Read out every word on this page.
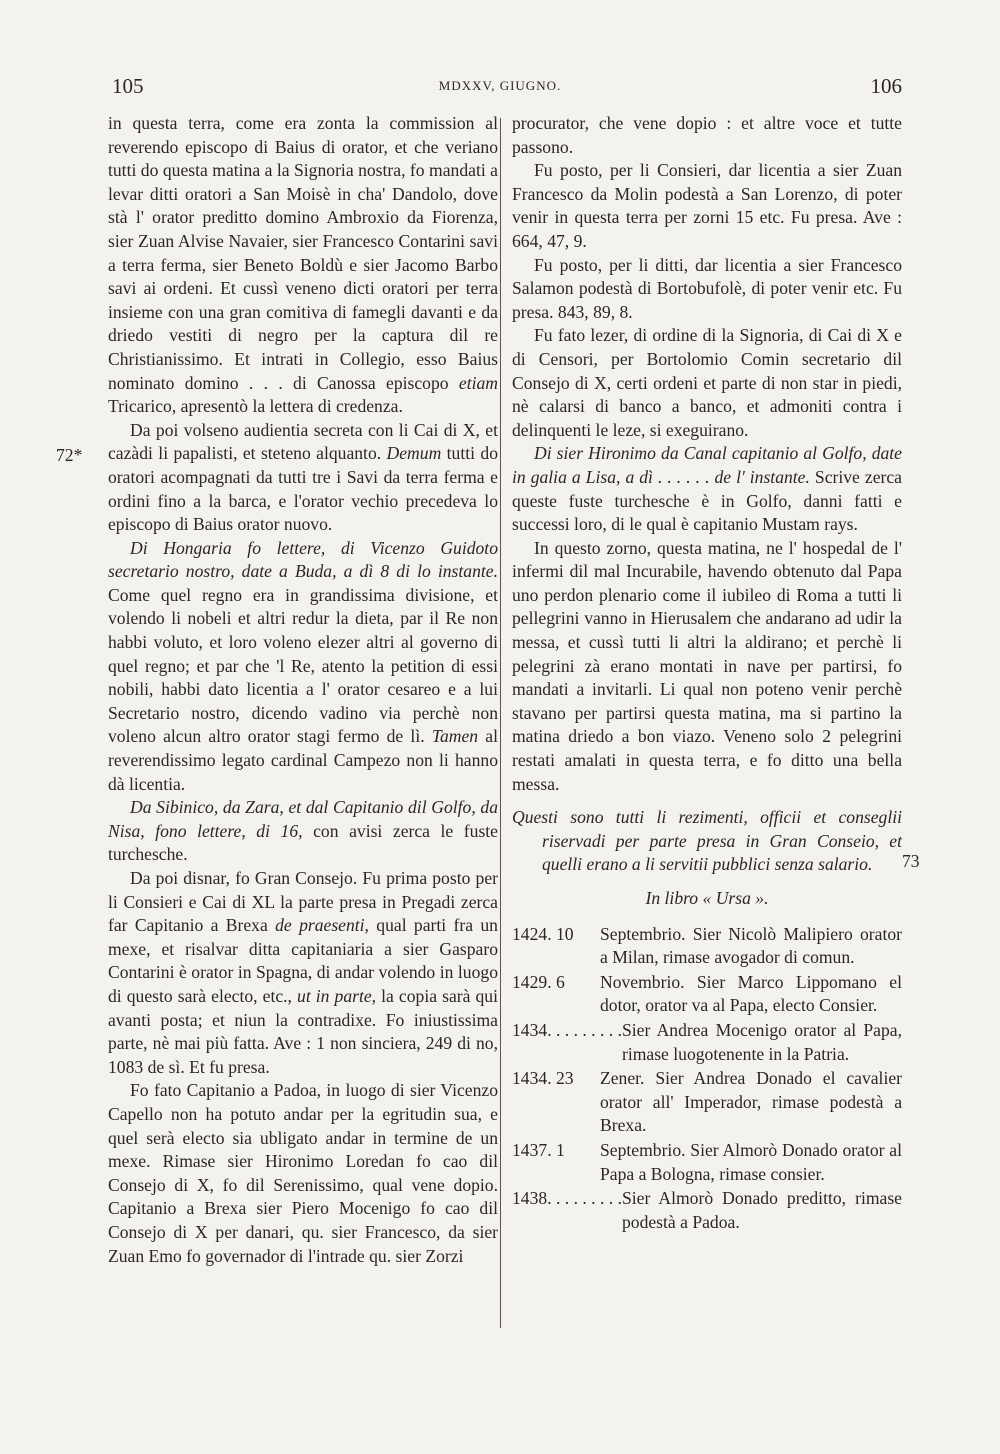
105	MDXXV, GIUGNO.	106
72*
73

in questa terra, come era zonta la commission al reverendo episcopo di Baius di orator, et che veriano tutti do questa matina a la Signoria nostra, fo mandati a levar ditti oratori a San Moisè in cha' Dandolo, dove stà l' orator preditto domino Ambroxio da Fiorenza, sier Zuan Alvise Navaier, sier Francesco Contarini savi a terra ferma, sier Beneto Boldù e sier Jacomo Barbo savi ai ordeni. Et cussì veneno dicti oratori per terra insieme con una gran comitiva di famegli davanti e da driedo vestiti di negro per la captura dil re Christianissimo. Et intrati in Collegio, esso Baius nominato domino . . . di Canossa episcopo etiam Tricarico, apresentò la lettera di credenza.

Da poi volseno audientia secreta con li Cai di X, et cazàdi li papalisti, et steteno alquanto. Demum tutti do oratori acompagnati da tutti tre i Savi da terra ferma e ordini fino a la barca, e l'orator vechio precedeva lo episcopo di Baius orator nuovo.

Di Hongaria fo lettere, di Vicenzo Guidoto secretario nostro, date a Buda, a dì 8 di lo instante. Come quel regno era in grandissima divisione, et volendo li nobeli et altri redur la dieta, par il Re non habbi voluto, et loro voleno elezer altri al governo di quel regno; et par che 'l Re, atento la petition di essi nobili, habbi dato licentia a l' orator cesareo e a lui Secretario nostro, dicendo vadino via perchè non voleno alcun altro orator stagi fermo de lì. Tamen al reverendissimo legato cardinal Campezo non li hanno dà licentia.

Da Sibinico, da Zara, et dal Capitanio dil Golfo, da Nisa, fono lettere, di 16, con avisi zerca le fuste turchesche.

Da poi disnar, fo Gran Consejo. Fu prima posto per li Consieri e Cai di XL la parte presa in Pregadi zerca far Capitanio a Brexa de praesenti, qual parti fra un mexe, et risalvar ditta capitaniaria a sier Gasparo Contarini è orator in Spagna, di andar volendo in luogo di questo sarà electo, etc., ut in parte, la copia sarà qui avanti posta; et niun la contradixe. Fo iniustissima parte, nè mai più fatta. Ave : 1 non sinciera, 249 di no, 1083 de sì. Et fu presa.

Fo fato Capitanio a Padoa, in luogo di sier Vicenzo Capello non ha potuto andar per la egritudin sua, e quel serà electo sia ubligato andar in termine de un mexe. Rimase sier Hironimo Loredan fo cao dil Consejo di X, fo dil Serenissimo, qual vene dopio. Capitanio a Brexa sier Piero Mocenigo fo cao dil Consejo di X per danari, qu. sier Francesco, da sier Zuan Emo fo governador di l'intrade qu. sier Zorzi

procurator, che vene dopio : et altre voce et tutte passono.

Fu posto, per li Consieri, dar licentia a sier Zuan Francesco da Molin podestà a San Lorenzo, di poter venir in questa terra per zorni 15 etc. Fu presa. Ave : 664, 47, 9.

Fu posto, per li ditti, dar licentia a sier Francesco Salamon podestà di Bortobufolè, di poter venir etc. Fu presa. 843, 89, 8.

Fu fato lezer, di ordine di la Signoria, di Cai di X e di Censori, per Bortolomio Comin secretario dil Consejo di X, certi ordeni et parte di non star in piedi, nè calarsi di banco a banco, et admoniti contra i delinquenti le leze, si exeguirano.

Di sier Hironimo da Canal capitanio al Golfo, date in galia a Lisa, a dì . . . . . . de l' instante. Scrive zerca queste fuste turchesche è in Golfo, danni fatti e successi loro, di le qual è capitanio Mustam rays.

In questo zorno, questa matina, ne l' hospedal de l' infermi dil mal Incurabile, havendo obtenuto dal Papa uno perdon plenario come il iubileo di Roma a tutti li pellegrini vanno in Hierusalem che andarano ad udir la messa, et cussì tutti li altri la aldirano; et perchè li pelegrini zà erano montati in nave per partirsi, fo mandati a invitarli. Li qual non poteno venir perchè stavano per partirsi questa matina, ma si partino la matina driedo a bon viazo. Veneno solo 2 pelegrini restati amalati in questa terra, e fo ditto una bella messa.

Questi sono tutti li rezimenti, officii et conseglii riservadi per parte presa in Gran Conseio, et quelli erano a li servitii pubblici senza salario.

In libro « Ursa ».

1424. 10	Septembrio. Sier Nicolò Malipiero orator a Milan, rimase avogador di comun.
1429. 6	Novembrio. Sier Marco Lippomano el dotor, orator va al Papa, electo Consier.
1434. . . . . . . . . Sier Andrea Mocenigo orator al Papa, rimase luogotenente in la Patria.
1434. 23	Zener. Sier Andrea Donado el cavalier orator all' Imperador, rimase podestà a Brexa.
1437. 1	Septembrio. Sier Almorò Donado orator al Papa a Bologna, rimase consier.
1438. . . . . . . . . Sier Almorò Donado preditto, rimase podestà a Padoa.
